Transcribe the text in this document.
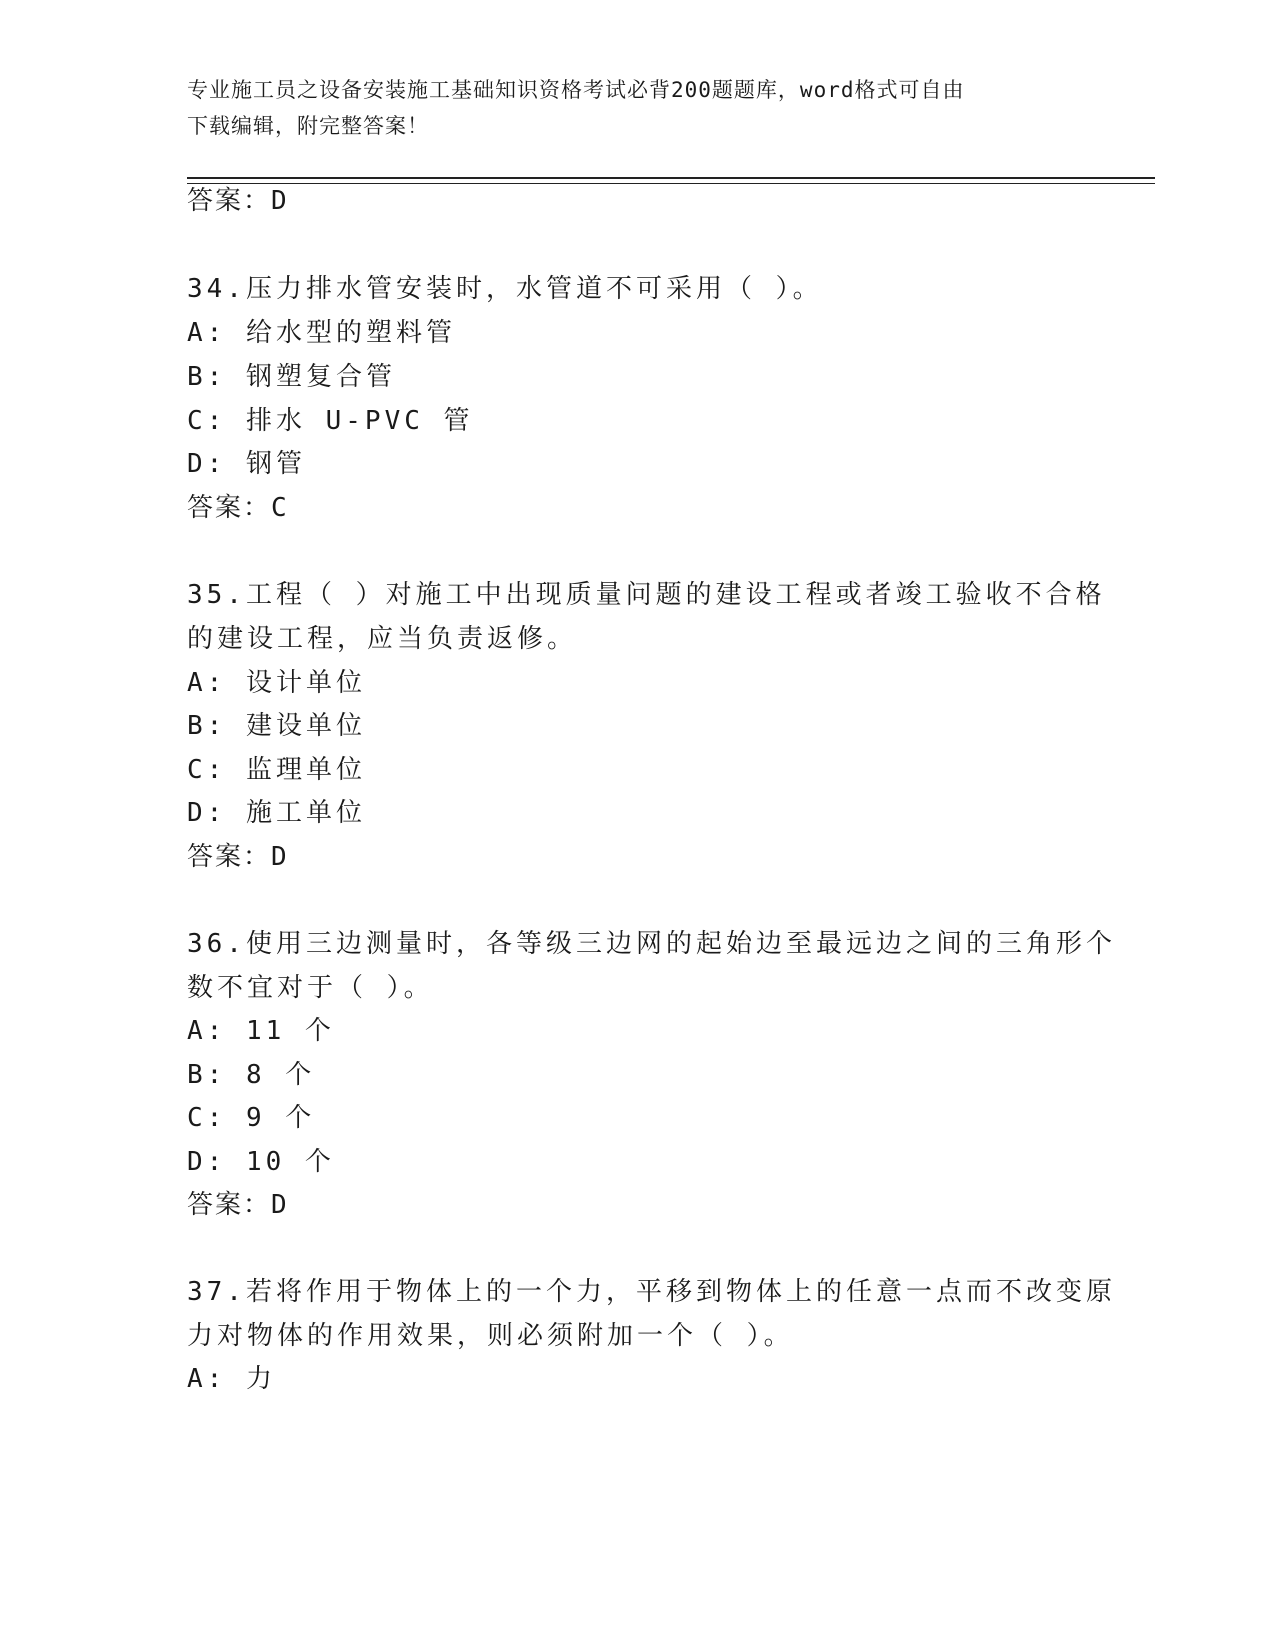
专业施工员之设备安装施工基础知识资格考试必背200题题库，word格式可自由
下载编辑，附完整答案！
答案：D
34.压力排水管安装时，水管道不可采用（ ）。
A: 给水型的塑料管
B: 钢塑复合管
C: 排水 U-PVC 管
D: 钢管
答案：C
35.工程（ ）对施工中出现质量问题的建设工程或者竣工验收不合格
的建设工程，应当负责返修。
A: 设计单位
B: 建设单位
C: 监理单位
D: 施工单位
答案：D
36.使用三边测量时，各等级三边网的起始边至最远边之间的三角形个
数不宜对于（ ）。
A: 11 个
B: 8 个
C: 9 个
D: 10 个
答案：D
37.若将作用于物体上的一个力，平移到物体上的任意一点而不改变原
力对物体的作用效果，则必须附加一个（ ）。
A: 力
